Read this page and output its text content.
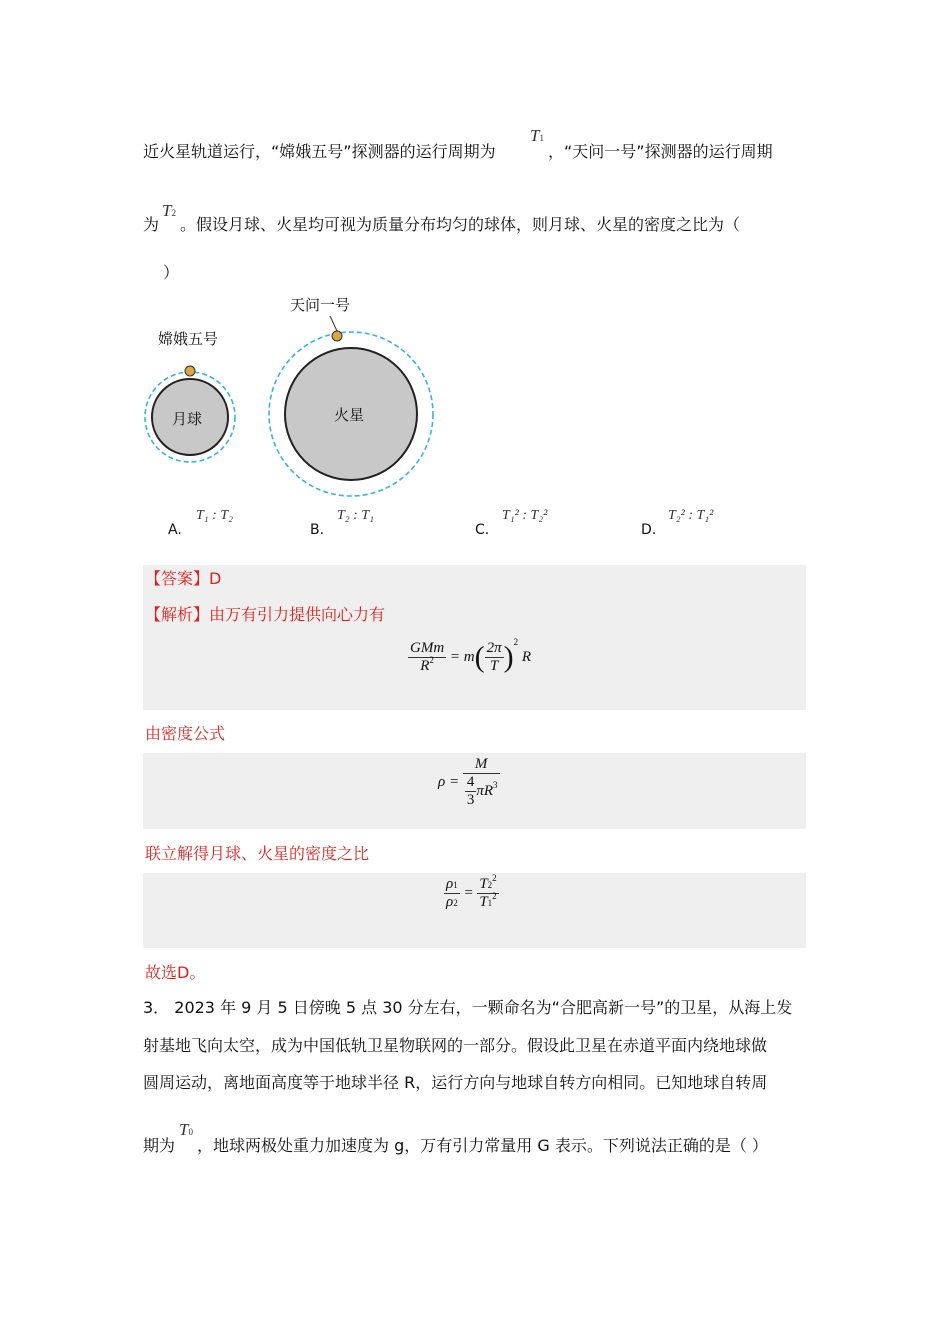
近火星轨道运行，“嫦娥五号”探测器的运行周期为
T1
，“天问一号”探测器的运行周期
为
T2
。假设月球、火星均可视为质量分布均匀的球体，则月球、火星的密度之比为（
）
嫦娥五号
天问一号
月球	火星
A.
T₁ : T₂
B.
T₂ : T₁
C.
T₁² : T₂²
D.
T₂² : T₁²
【答案】D
【解析】由万有引力提供向心力有
$\frac{\text{GMm}}{R^2} = m( \frac{2\pi}{T} )^2$ R
由密度公式
$\rho = \frac{M}{\frac{4}{3} \pi R^3}$
联立解得月球、火星的密度之比
$\frac{\rho 1}{\rho 2} = \frac{T2^2}{T1^2}$
故选D。
3． 2023 年 9 月 5 日傍晚 5 点 30 分左右，一颗命名为“合肥高新一号”的卫星，从海上发
射基地飞向太空，成为中国低轨卫星物联网的一部分。假设此卫星在赤道平面内绕地球做
圆周运动，离地面高度等于地球半径 R，运行方向与地球自转方向相同。已知地球自转周
期为
T0
，地球两极处重力加速度为 g，万有引力常量用 G 表示。下列说法正确的是（ ）
